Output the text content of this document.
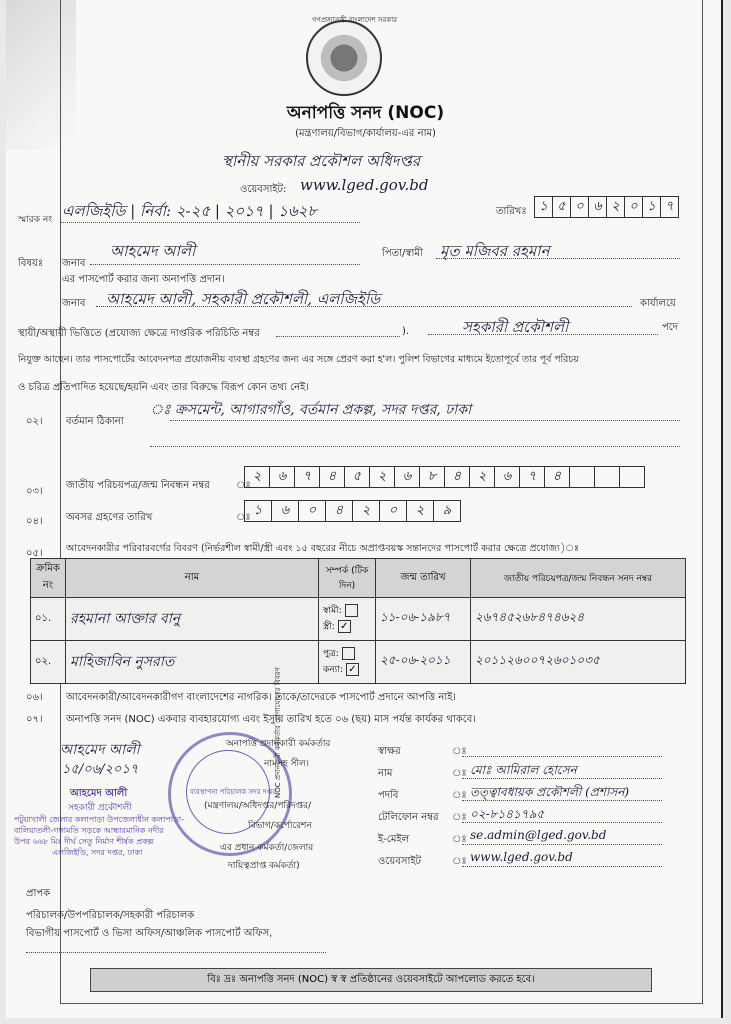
গণপ্রজাতন্ত্রী বাংলাদেশ সরকার
অনাপত্তি সনদ (NOC)
(মন্ত্রণালয়/বিভাগ/কার্যালয়-এর নাম)
স্থানীয় সরকার প্রকৌশল অধিদপ্তর
ওয়েবসাইট: www.lged.gov.bd
স্মারক নং এলজিইডি | নির্বা: ২-২৫ | ২০১৭ | ১৬২৮	তারিখঃ ১ ৫ ০ ৬ ২ ০ ১ ৭
বিষয়ঃ জনাব
আহমেদ আলী	পিতা/স্বামী মৃত মজিবর রহমান
এর পাসপোর্ট করার জন্য অনাপত্তি প্রদান।
জনাব আহমেদ আলী, সহকারী প্রকৌশলী, এলজিইডি	কার্যালয়ে
স্থায়ী/অস্থায়ী ভিত্তিতে (প্রযোজ্য ক্ষেত্রে দাপ্তরিক পরিচিতি নম্বর	).	সহকারী প্রকৌশলী	পদে
নিযুক্ত আছেন। তার পাসপোর্টের আবেদনপত্র প্রয়োজনীয় ব্যবস্থা গ্রহণের জন্য এর সঙ্গে প্রেরণ করা হ'ল। পুলিশ বিভাগের মাধ্যমে ইতোপূর্বে তার পূর্ব পরিচয়
ও চরিত্র প্রতিপাদিত হয়েছে/হয়নি এবং তার বিরুদ্ধে বিরূপ কোন তথ্য নেই।
০২। বর্তমান ঠিকানা
ঃ ক্রসমেন্ট, আগারগাঁও, বর্তমান প্রকল্প, সদর দপ্তর, ঢাকা
০৩।
জাতীয় পরিচয়পত্র/জন্ম নিবন্ধন নম্বর	ঃ
২	৬	৭	৪	৫	২	৬	৮	৪	২	৬	৭	৪
০৪। অবসর গ্রহণের তারিখ	ঃ ১	৬	০	৪	২	০	২	৯
০৫। আবেদনকারীর পরিবারবর্গের বিবরণ (নির্ভরশীল স্বামী/স্ত্রী এবং ১৫ বছরের নীচে অপ্রাপ্তবয়স্ক সন্তানদের পাসপোর্ট করার ক্ষেত্রে প্রযোজ্য)ঃ
ক্রমিক নং	নাম	সম্পর্ক (টিক দিন)	জন্ম তারিখ	জাতীয় পরিচয়পত্র/জন্ম নিবন্ধন সনদ নম্বর
০১.	রহমানা আক্তার বানু	স্বামী:
স্ত্রী: ✓	১১-০৬-১৯৮৭	২৬৭৪৫২৬৮৪৭৪৬২৪
০২.	মাহিজাবিন নুসরাত	পুত্র:
কন্যা: ✓	২৫-০৬-২০১১	২০১১২৬০০৭২৬০১০৩৫
০৬। আবেদনকারী/আবেদনকারীগণ বাংলাদেশের নাগরিক। তাকে/তাদেরকে পাসপোর্ট প্রদানে আপত্তি নাই।
০৭। অনাপত্তি সনদ (NOC) একবার ব্যবহারযোগ্য এবং ইস্যুর তারিখ হতে ০৬ (ছয়) মাস পর্যন্ত কার্যকর থাকবে।
আহমেদ আলী
১৫/০৬/২০১৭
আহমেদ আলী
সহকারী প্রকৌশলী
পটুয়াখালী জেলার কলাপাড়া উপজেলাধীন কলাপাড়া-
বালিয়াতলী-গঙ্গামতি সড়কে আন্ধারমানিক নদীর
উপর ৬৬৮ মিঃ দীর্ঘ সেতু নির্মাণ শীর্ষক প্রকল্প
এলজিইডি, সদর দপ্তর, ঢাকা
ব্যবস্থাপনা পরিচালক সদর দপ্তর
অনাপত্তি প্রদানকারী কর্মকর্তার
নামসহ সীল।
(মন্ত্রণালয়/অধিদপ্তর/পরিদপ্তর/
বিভাগ/কর্পোরেশন
এর প্রধান কর্মকর্তা/জেলার
দায়িত্বপ্রাপ্ত কর্মকর্তা)
NOC প্রদানকারী কর্মকর্তার যোগাযোগের বিবরণ	স্বাক্ষর	ঃ
নাম	ঃ মোঃ আমিরাল হোসেন
পদবি	ঃ তত্ত্বাবধায়ক প্রকৌশলী (প্রশাসন)
টেলিফোন নম্বর ঃ ০২-৮১৪১৭৯৫
ই-মেইল	ঃ se.admin@lged.gov.bd
ওয়েবসাইট	ঃ www.lged.gov.bd
প্রাপক
পরিচালক/উপপরিচালক/সহকারী পরিচালক
বিভাগীয় পাসপোর্ট ও ভিসা অফিস/আঞ্চলিক পাসপোর্ট অফিস,
বিঃ দ্রঃ অনাপত্তি সনদ (NOC) স্ব স্ব প্রতিষ্ঠানের ওয়েবসাইটে আপলোড করতে হবে।
